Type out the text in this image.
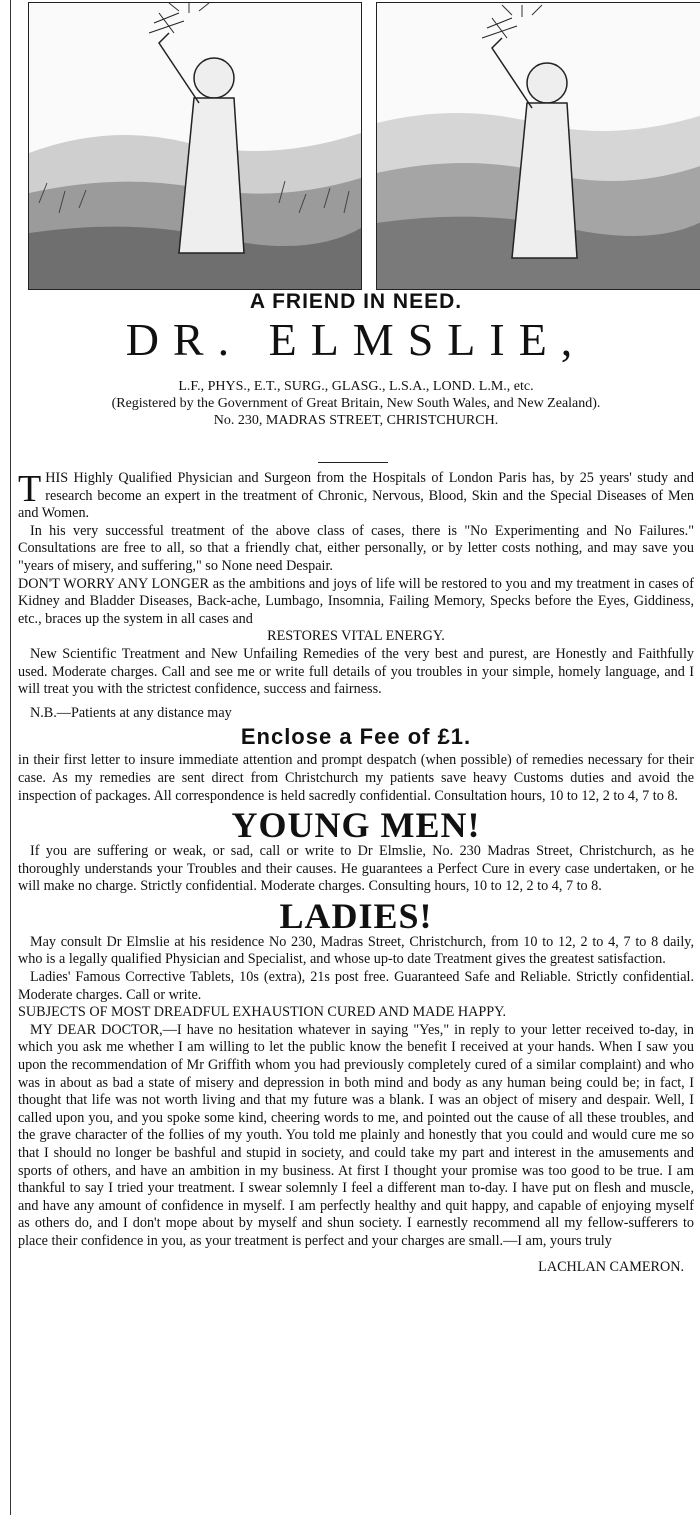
A FRIEND IN NEED.
DR. ELMSLIE,
L.F., PHYS., E.T., SURG., GLASG., L.S.A., LOND. L.M., etc.
(Registered by the Government of Great Britain, New South Wales, and New Zealand).
No. 230, MADRAS STREET, CHRISTCHURCH.

THIS Highly Qualified Physician and Surgeon from the Hospitals of London Paris has, by 25 years' study and research become an expert in the treatment of Chronic, Nervous, Blood, Skin and the Special Diseases of Men and Women.

In his very successful treatment of the above class of cases, there is "No Experimenting and No Failures." Consultations are free to all, so that a friendly chat, either personally, or by letter costs nothing, and may save you "years of misery, and suffering," so None need Despair.

DON'T WORRY ANY LONGER as the ambitions and joys of life will be restored to you and my treatment in cases of Kidney and Bladder Diseases, Back-ache, Lumbago, Insomnia, Failing Memory, Specks before the Eyes, Giddiness, etc., braces up the system in all cases and

RESTORES VITAL ENERGY.

New Scientific Treatment and New Unfailing Remedies of the very best and purest, are Honestly and Faithfully used. Moderate charges. Call and see me or write full details of you troubles in your simple, homely language, and I will treat you with the strictest confidence, success and fairness.

N.B.—Patients at any distance may

Enclose a Fee of £1.

in their first letter to insure immediate attention and prompt despatch (when possible) of remedies necessary for their case. As my remedies are sent direct from Christchurch my patients save heavy Customs duties and avoid the inspection of packages. All correspondence is held sacredly confidential. Consultation hours, 10 to 12, 2 to 4, 7 to 8.

YOUNG MEN!

If you are suffering or weak, or sad, call or write to Dr Elmslie, No. 230 Madras Street, Christchurch, as he thoroughly understands your Troubles and their causes. He guarantees a Perfect Cure in every case undertaken, or he will make no charge. Strictly confidential. Moderate charges. Consulting hours, 10 to 12, 2 to 4, 7 to 8.

LADIES!

May consult Dr Elmslie at his residence No 230, Madras Street, Christchurch, from 10 to 12, 2 to 4, 7 to 8 daily, who is a legally qualified Physician and Specialist, and whose up-to date Treatment gives the greatest satisfaction.

Ladies' Famous Corrective Tablets, 10s (extra), 21s post free. Guaranteed Safe and Reliable. Strictly confidential. Moderate charges. Call or write.

SUBJECTS OF MOST DREADFUL EXHAUSTION CURED AND MADE HAPPY.

MY DEAR DOCTOR,—I have no hesitation whatever in saying "Yes," in reply to your letter received to-day, in which you ask me whether I am willing to let the public know the benefit I received at your hands. When I saw you upon the recommendation of Mr Griffith whom you had previously completely cured of a similar complaint) and who was in about as bad a state of misery and depression in both mind and body as any human being could be; in fact, I thought that life was not worth living and that my future was a blank. I was an object of misery and despair. Well, I called upon you, and you spoke some kind, cheering words to me, and pointed out the cause of all these troubles, and the grave character of the follies of my youth. You told me plainly and honestly that you could and would cure me so that I should no longer be bashful and stupid in society, and could take my part and interest in the amusements and sports of others, and have an ambition in my business. At first I thought your promise was too good to be true. I am thankful to say I tried your treatment. I swear solemnly I feel a different man to-day. I have put on flesh and muscle, and have any amount of confidence in myself. I am perfectly healthy and quit happy, and capable of enjoying myself as others do, and I don't mope about by myself and shun society. I earnestly recommend all my fellow-sufferers to place their confidence in you, as your treatment is perfect and your charges are small.—I am, yours truly

LACHLAN CAMERON.
